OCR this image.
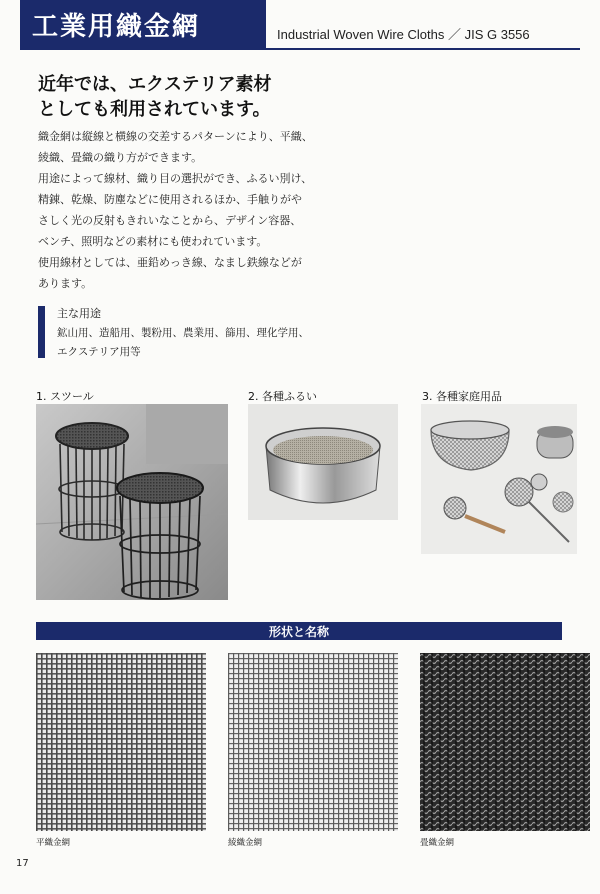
工業用織金網	Industrial Woven Wire Cloths ／ JIS G 3556
近年では、エクステリア素材
としても利用されています。

織金網は縦線と横線の交差するパターンにより、平織、

綾織、畳織の織り方ができます。

用途によって線材、織り目の選択ができ、ふるい別け、

精錬、乾燥、防塵などに使用されるほか、手触りがや

さしく光の反射もきれいなことから、デザイン容器、

ベンチ、照明などの素材にも使われています。

使用線材としては、亜鉛めっき線、なまし鉄線などが

あります。

主な用途
鉱山用、造船用、製粉用、農業用、篩用、理化学用、
エクステリア用等
1. スツール	2. 各種ふるい	3. 各種家庭用品
形状と名称
平織金網	綾織金網	畳織金網
17
